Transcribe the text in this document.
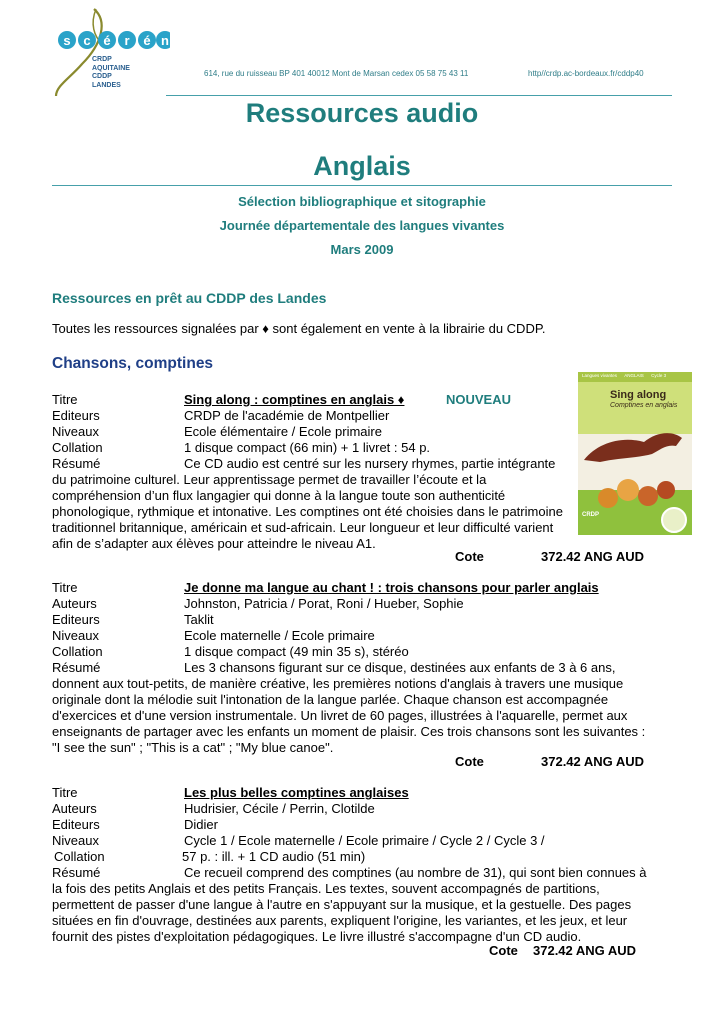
s c é r é n
CRDP
AQUITAINE
CDDP
LANDES
614, rue du ruisseau BP 401 40012 Mont de Marsan cedex 05 58 75 43 11	http//crdp.ac-bordeaux.fr/cddp40
Ressources audio
Anglais
Sélection bibliographique et sitographie
Journée départementale des langues vivantes
Mars 2009
Ressources en prêt au CDDP des Landes
Toutes les ressources signalées par ♦ sont également en vente à la librairie du CDDP.
Chansons, comptines
Titre	Sing along : comptines en anglais ♦	NOUVEAU
Editeurs	CRDP de l'académie de Montpellier
Niveaux	Ecole élémentaire / Ecole primaire
Collation	1 disque compact (66 min) + 1 livret : 54 p.
Résumé	Ce CD audio est centré sur les nursery rhymes, partie intégrante
du patrimoine culturel. Leur apprentissage permet de travailler l’écoute et la
compréhension d’un flux langagier qui donne à la langue toute son authenticité
phonologique, rythmique et intonative. Les comptines ont été choisies dans le patrimoine
traditionnel britannique, américain et sud-africain. Leur longueur et leur difficulté varient
afin de s’adapter aux élèves pour atteindre le niveau A1.
Cote	372.42 ANG AUD
Langues vivantes ANGLAIS Cycle 3
Sing along
Comptines en anglais
CRDP
Titre	Je donne ma langue au chant ! : trois chansons pour parler anglais
Auteurs	Johnston, Patricia / Porat, Roni / Hueber, Sophie
Editeurs	Taklit
Niveaux	Ecole maternelle / Ecole primaire
Collation	1 disque compact (49 min 35 s), stéréo
Résumé	Les 3 chansons figurant sur ce disque, destinées aux enfants de 3 à 6 ans,
donnent aux tout-petits, de manière créative, les premières notions d'anglais à travers une musique
originale dont la mélodie suit l'intonation de la langue parlée. Chaque chanson est accompagnée
d'exercices et d'une version instrumentale. Un livret de 60 pages, illustrées à l'aquarelle, permet aux
enseignants de partager avec les enfants un moment de plaisir. Ces trois chansons sont les suivantes :
"I see the sun" ; "This is a cat" ; "My blue canoe".
Cote	372.42 ANG AUD
Titre	Les plus belles comptines anglaises
Auteurs	Hudrisier, Cécile / Perrin, Clotilde
Editeurs	Didier
Niveaux	Cycle 1 / Ecole maternelle / Ecole primaire / Cycle 2 / Cycle 3 /
Collation	57 p. : ill. + 1 CD audio (51 min)
Résumé	Ce recueil comprend des comptines (au nombre de 31), qui sont bien connues à
la fois des petits Anglais et des petits Français. Les textes, souvent accompagnés de partitions,
permettent de passer d'une langue à l'autre en s'appuyant sur la musique, et la gestuelle. Des pages
situées en fin d'ouvrage, destinées aux parents, expliquent l'origine, les variantes, et les jeux, et leur
fournit des pistes d'exploitation pédagogiques. Le livre illustré s'accompagne d'un CD audio.
Cote 372.42 ANG AUD
